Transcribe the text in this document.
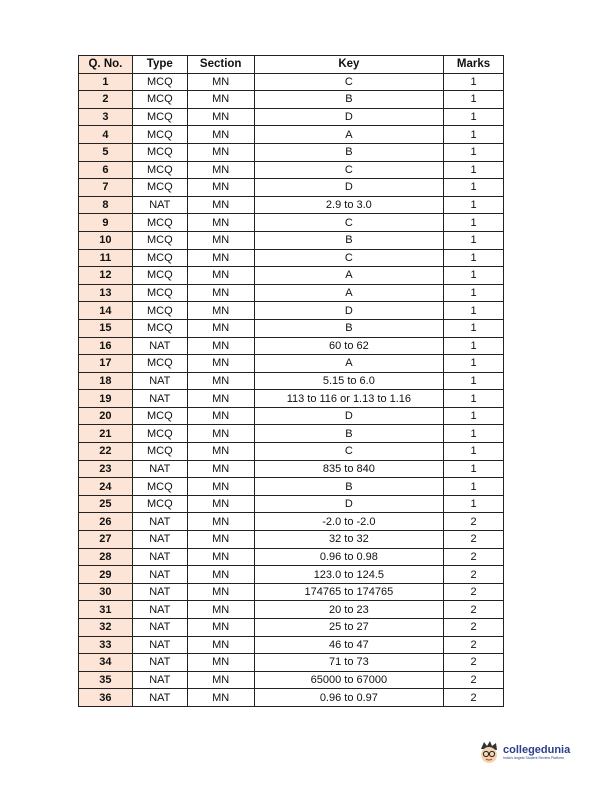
Q. No.	Type	Section	Key	Marks
1	MCQ	MN	C	1
2	MCQ	MN	B	1
3	MCQ	MN	D	1
4	MCQ	MN	A	1
5	MCQ	MN	B	1
6	MCQ	MN	C	1
7	MCQ	MN	D	1
8	NAT	MN	2.9 to 3.0	1
9	MCQ	MN	C	1
10	MCQ	MN	B	1
11	MCQ	MN	C	1
12	MCQ	MN	A	1
13	MCQ	MN	A	1
14	MCQ	MN	D	1
15	MCQ	MN	B	1
16	NAT	MN	60 to 62	1
17	MCQ	MN	A	1
18	NAT	MN	5.15 to 6.0	1
19	NAT	MN	113 to 116 or 1.13 to 1.16	1
20	MCQ	MN	D	1
21	MCQ	MN	B	1
22	MCQ	MN	C	1
23	NAT	MN	835 to 840	1
24	MCQ	MN	B	1
25	MCQ	MN	D	1
26	NAT	MN	-2.0 to -2.0	2
27	NAT	MN	32 to 32	2
28	NAT	MN	0.96 to 0.98	2
29	NAT	MN	123.0 to 124.5	2
30	NAT	MN	174765 to 174765	2
31	NAT	MN	20 to 23	2
32	NAT	MN	25 to 27	2
33	NAT	MN	46 to 47	2
34	NAT	MN	71 to 73	2
35	NAT	MN	65000 to 67000	2
36	NAT	MN	0.96 to 0.97	2
collegedunia
India's largest Student Review Platform
